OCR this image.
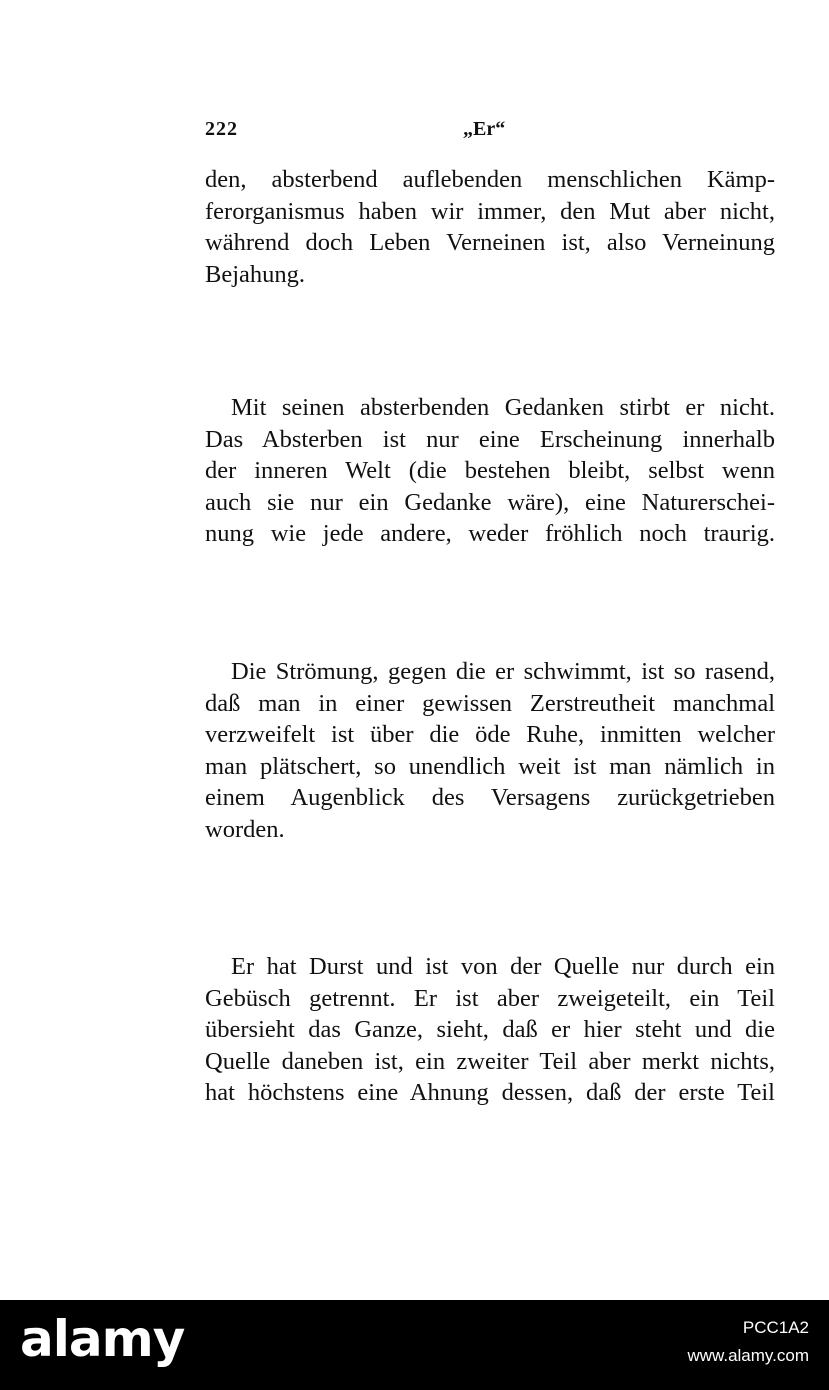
222	„Er“
den, absterbend auflebenden menschlichen Kämp-
ferorganismus haben wir immer, den Mut aber nicht,
während doch Leben Verneinen ist, also Verneinung
Bejahung.
Mit seinen absterbenden Gedanken stirbt er nicht.
Das Absterben ist nur eine Erscheinung innerhalb
der inneren Welt (die bestehen bleibt, selbst wenn
auch sie nur ein Gedanke wäre), eine Naturerschei-
nung wie jede andere, weder fröhlich noch traurig.
Die Strömung, gegen die er schwimmt, ist so rasend,
daß man in einer gewissen Zerstreutheit manchmal
verzweifelt ist über die öde Ruhe, inmitten welcher
man plätschert, so unendlich weit ist man nämlich in
einem Augenblick des Versagens zurückgetrieben
worden.
Er hat Durst und ist von der Quelle nur durch ein
Gebüsch getrennt. Er ist aber zweigeteilt, ein Teil
übersieht das Ganze, sieht, daß er hier steht und die
Quelle daneben ist, ein zweiter Teil aber merkt nichts,
hat höchstens eine Ahnung dessen, daß der erste Teil
alamy	PCC1A2
www.alamy.com
